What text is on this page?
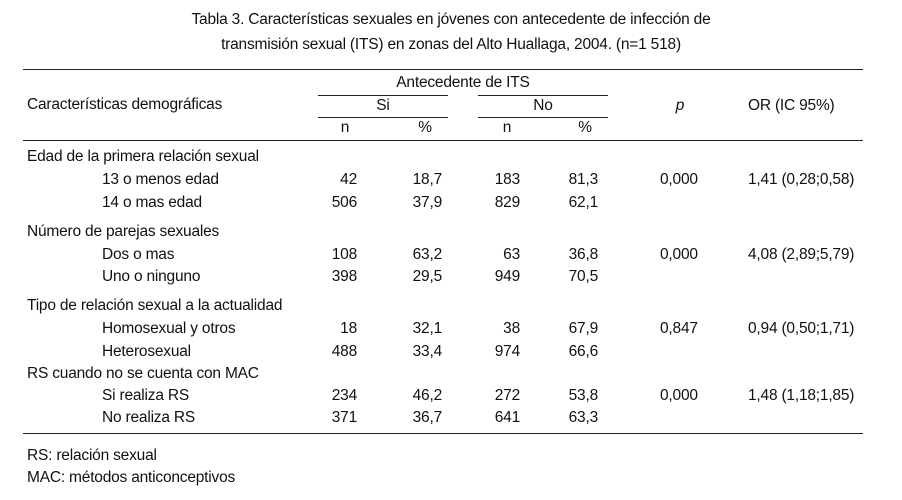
Tabla 3. Características sexuales en jóvenes con antecedente de infección de
transmisión sexual (ITS) en zonas del Alto Huallaga, 2004. (n=1 518)
Antecedente de ITS
Características demográficas	Si	No	p	OR (IC 95%)
n	%	n	%
Edad de la primera relación sexual
13 o menos edad	42	18,7	183	81,3	0,000	1,41 (0,28;0,58)
14 o mas edad	506	37,9	829	62,1
Número de parejas sexuales
Dos o mas	108	63,2	63	36,8	0,000	4,08 (2,89;5,79)
Uno o ninguno	398	29,5	949	70,5
Tipo de relación sexual a la actualidad
Homosexual y otros	18	32,1	38	67,9	0,847	0,94 (0,50;1,71)
Heterosexual	488	33,4	974	66,6
RS cuando no se cuenta con MAC
Si realiza RS	234	46,2	272	53,8	0,000	1,48 (1,18;1,85)
No realiza RS	371	36,7	641	63,3
RS: relación sexual
MAC: métodos anticonceptivos
